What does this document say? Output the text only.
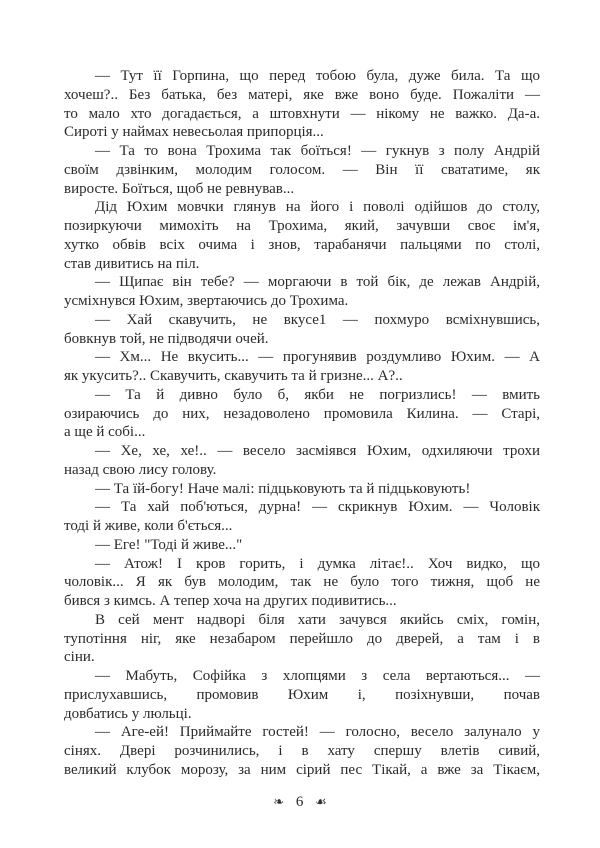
— Тут її Горпина, що перед тобою була, дуже била. Та що
хочеш?.. Без батька, без матері, яке вже воно буде. Пожаліти —
то мало хто догадається, а штовхнути — нікому не важко. Да-а.
Сироті у наймах невесьолая припорція...
— Та то вона Трохима так боїться! — гукнув з полу Андрій
своїм дзвінким, молодим голосом. — Він її свататиме, як
виросте. Боїться, щоб не ревнував...
Дід Юхим мовчки глянув на його і поволі одійшов до столу,
позиркуючи мимохіть на Трохима, який, зачувши своє ім'я,
хутко обвів всіх очима і знов, тарабанячи пальцями по столі,
став дивитись на піл.
— Щипає він тебе? — моргаючи в той бік, де лежав Андрій,
усміхнувся Юхим, звертаючись до Трохима.
— Хай скавучить, не вкусе1 — похмуро всміхнувшись,
бовкнув той, не підводячи очей.
— Хм... Не вкусить... — прогунявив роздумливо Юхим. — А
як укусить?.. Скавучить, скавучить та й гризне... А?..
— Та й дивно було б, якби не погризлись! — вмить
озираючись до них, незадоволено промовила Килина. — Старі,
а ще й собі...
— Хе, хе, хе!.. — весело засміявся Юхим, одхиляючи трохи
назад свою лису голову.
— Та їй-богу! Наче малі: підцьковують та й підцьковують!
— Та хай поб'ються, дурна! — скрикнув Юхим. — Чоловік
тоді й живе, коли б'ється...
— Еге! "Тоді й живе..."
— Атож! І кров горить, і думка літає!.. Хоч видко, що
чоловік... Я як був молодим, так не було того тижня, щоб не
бився з кимсь. А тепер хоча на других подивитись...
В сей мент надворі біля хати зачувся якийсь сміх, гомін,
тупотіння ніг, яке незабаром перейшло до дверей, а там і в
сіни.
— Мабуть, Софійка з хлопцями з села вертаються... —
прислухавшись, промовив Юхим і, позіхнувши, почав
довбатись у люльці.
— Аге-ей! Приймайте гостей! — голосно, весело залунало у
сінях. Двері розчинились, і в хату спершу влетів сивий,
великий клубок морозу, за ним сірий пес Тікай, а вже за Тікаєм,
❧ 6 ☙
